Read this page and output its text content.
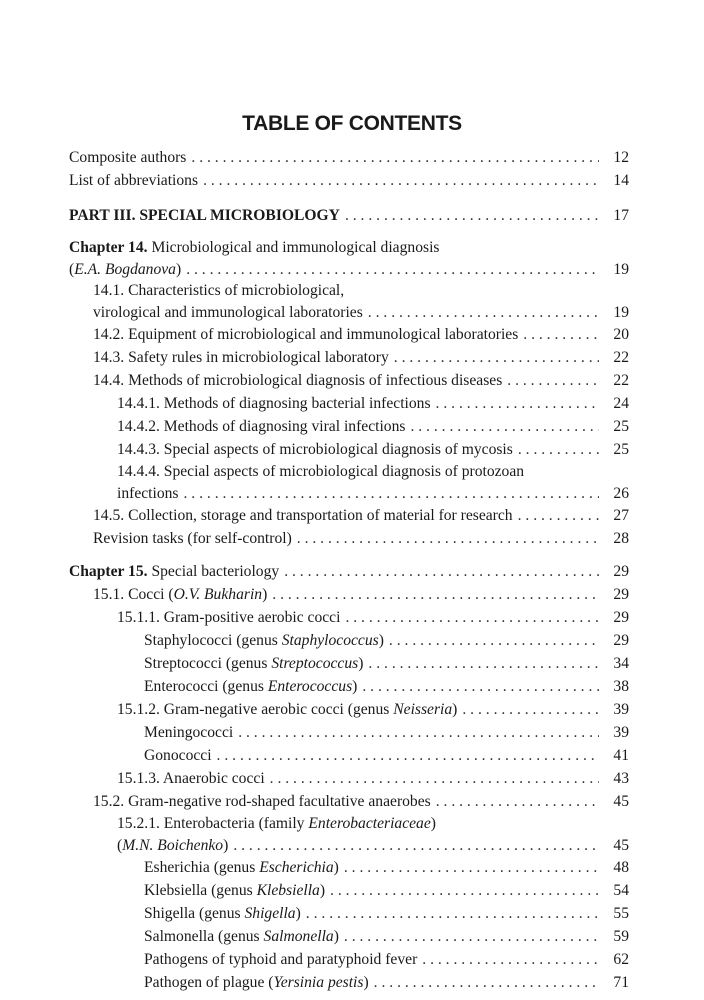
TABLE OF CONTENTS
Composite authors . . .	12
List of abbreviations . . .	14
PART III. SPECIAL MICROBIOLOGY . . .	17
Chapter 14. Microbiological and immunological diagnosis
(E.A. Bogdanova) . . .	19
14.1. Characteristics of microbiological,
virological and immunological laboratories . . .	19
14.2. Equipment of microbiological and immunological laboratories . . .	20
14.3. Safety rules in microbiological laboratory . . .	22
14.4. Methods of microbiological diagnosis of infectious diseases . . .	22
14.4.1. Methods of diagnosing bacterial infections . . .	24
14.4.2. Methods of diagnosing viral infections . . .	25
14.4.3. Special aspects of microbiological diagnosis of mycosis . . .	25
14.4.4. Special aspects of microbiological diagnosis of protozoan
infections . . .	26
14.5. Collection, storage and transportation of material for research . . .	27
Revision tasks (for self-control) . . .	28
Chapter 15. Special bacteriology . . .	29
15.1. Cocci (O.V. Bukharin) . . .	29
15.1.1. Gram-positive aerobic cocci . . .	29
Staphylococci (genus Staphylococcus) . . .	29
Streptococci (genus Streptococcus) . . .	34
Enterococci (genus Enterococcus) . . .	38
15.1.2. Gram-negative aerobic cocci (genus Neisseria) . . .	39
Meningococci . . .	39
Gonococci . . .	41
15.1.3. Anaerobic cocci . . .	43
15.2. Gram-negative rod-shaped facultative anaerobes . . .	45
15.2.1. Enterobacteria (family Enterobacteriaceae)
(M.N. Boichenko) . . .	45
Esherichia (genus Escherichia) . . .	48
Klebsiella (genus Klebsiella) . . .	54
Shigella (genus Shigella) . . .	55
Salmonella (genus Salmonella) . . .	59
Pathogens of typhoid and paratyphoid fever . . .	62
Pathogen of plague (Yersinia pestis) . . .	71
